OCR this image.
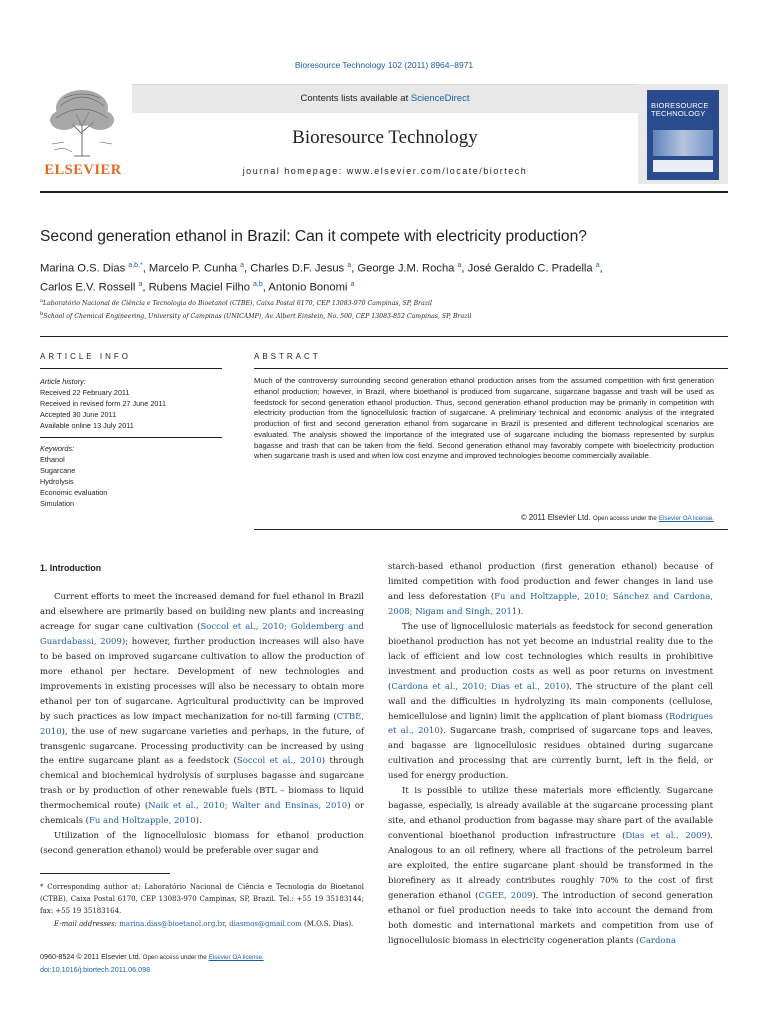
Bioresource Technology 102 (2011) 8964–8971
ELSEVIER
Contents lists available at ScienceDirect
Bioresource Technology
journal homepage: www.elsevier.com/locate/biortech
BIORESOURCE TECHNOLOGY
Second generation ethanol in Brazil: Can it compete with electricity production?
Marina O.S. Dias $^{a,b,*}$, Marcelo P. Cunha $^a$, Charles D.F. Jesus $^a$, George J.M. Rocha $^a$, José Geraldo C. Pradella $^a$,
Carlos E.V. Rossell $^a$, Rubens Maciel Filho $^{a,b}$, Antonio Bonomi $^a$
$^a$Laboratório Nacional de Ciência e Tecnologia do Bioetanol (CTBE), Caixa Postal 6170, CEP 13083-970 Campinas, SP, Brazil
$^b$School of Chemical Engineering, University of Campinas (UNICAMP), Av. Albert Einstein, No. 500, CEP 13083-852 Campinas, SP, Brazil
ARTICLE INFO	ABSTRACT
Article history:
Received 22 February 2011
Received in revised form 27 June 2011
Accepted 30 June 2011
Available online 13 July 2011
Keywords:
Ethanol
Sugarcane
Hydrolysis
Economic evaluation
Simulation
Much of the controversy surrounding second generation ethanol production arises from the assumed competition with first generation ethanol production; however, in Brazil, where bioethanol is produced from sugarcane, sugarcane bagasse and trash will be used as feedstock for second generation ethanol production. Thus, second generation ethanol production may be primarily in competition with electricity production from the lignocellulosic fraction of sugarcane. A preliminary technical and economic analysis of the integrated production of first and second generation ethanol from sugarcane in Brazil is presented and different technological scenarios are evaluated. The analysis showed the importance of the integrated use of sugarcane including the biomass represented by surplus bagasse and trash that can be taken from the field. Second generation ethanol may favorably compete with bioelectricity production when sugarcane trash is used and when low cost enzyme and improved technologies become commercially available.
© 2011 Elsevier Ltd. Open access under the Elsevier OA license.
1. Introduction
Current efforts to meet the increased demand for fuel ethanol in Brazil and elsewhere are primarily based on building new plants and increasing acreage for sugar cane cultivation (Soccol et al., 2010; Goldemberg and Guardabassi, 2009); however, further production increases will also have to be based on improved sugarcane cultivation to allow the production of more ethanol per hectare. Development of new technologies and improvements in existing processes will also be necessary to obtain more ethanol per ton of sugarcane. Agricultural productivity can be improved by such practices as low impact mechanization for no-till farming (CTBE, 2010), the use of new sugarcane varieties and perhaps, in the future, of transgenic sugarcane. Processing productivity can be increased by using the entire sugarcane plant as a feedstock (Soccol et al., 2010) through chemical and biochemical hydrolysis of surpluses bagasse and sugarcane trash or by production of other renewable fuels (BTL – biomass to liquid thermochemical route) (Naik et al., 2010; Walter and Ensinas, 2010) or chemicals (Fu and Holtzapple, 2010).
Utilization of the lignocellulosic biomass for ethanol production (second generation ethanol) would be preferable over sugar and
starch-based ethanol production (first generation ethanol) because of limited competition with food production and fewer changes in land use and less deforestation (Fu and Holtzapple, 2010; Sánchez and Cardona, 2008; Nigam and Singh, 2011).
The use of lignocellulosic materials as feedstock for second generation bioethanol production has not yet become an industrial reality due to the lack of efficient and low cost technologies which results in prohibitive investment and production costs as well as poor returns on investment (Cardona et al., 2010; Dias et al., 2010). The structure of the plant cell wall and the difficulties in hydrolyzing its main components (cellulose, hemicellulose and lignin) limit the application of plant biomass (Rodrigues et al., 2010). Sugarcane trash, comprised of sugarcane tops and leaves, and bagasse are lignocellulosic residues obtained during sugarcane cultivation and processing that are currently burnt, left in the field, or used for energy production.
It is possible to utilize these materials more efficiently. Sugarcane bagasse, especially, is already available at the sugarcane processing plant site, and ethanol production from bagasse may share part of the available conventional bioethanol production infrastructure (Dias et al., 2009). Analogous to an oil refinery, where all fractions of the petroleum barrel are exploited, the entire sugarcane plant should be transformed in the biorefinery as it already contributes roughly 70% to the cost of first generation ethanol (CGEE, 2009). The introduction of second generation ethanol or fuel production needs to take into account the demand from both domestic and international markets and competition from use of lignocellulosic biomass in electricity cogeneration plants (Cardona
* Corresponding author at: Laboratório Nacional de Ciência e Tecnologia do Bioetanol (CTBE), Caixa Postal 6170, CEP 13083-970 Campinas, SP, Brazil. Tel.: +55 19 35183144; fax: +55 19 35183164.
E-mail addresses: marina.dias@bioetanol.org.br, diasmos@gmail.com (M.O.S. Dias).
0960-8524 © 2011 Elsevier Ltd. Open access under the Elsevier OA license.
doi:10.1016/j.biortech.2011.06.098
